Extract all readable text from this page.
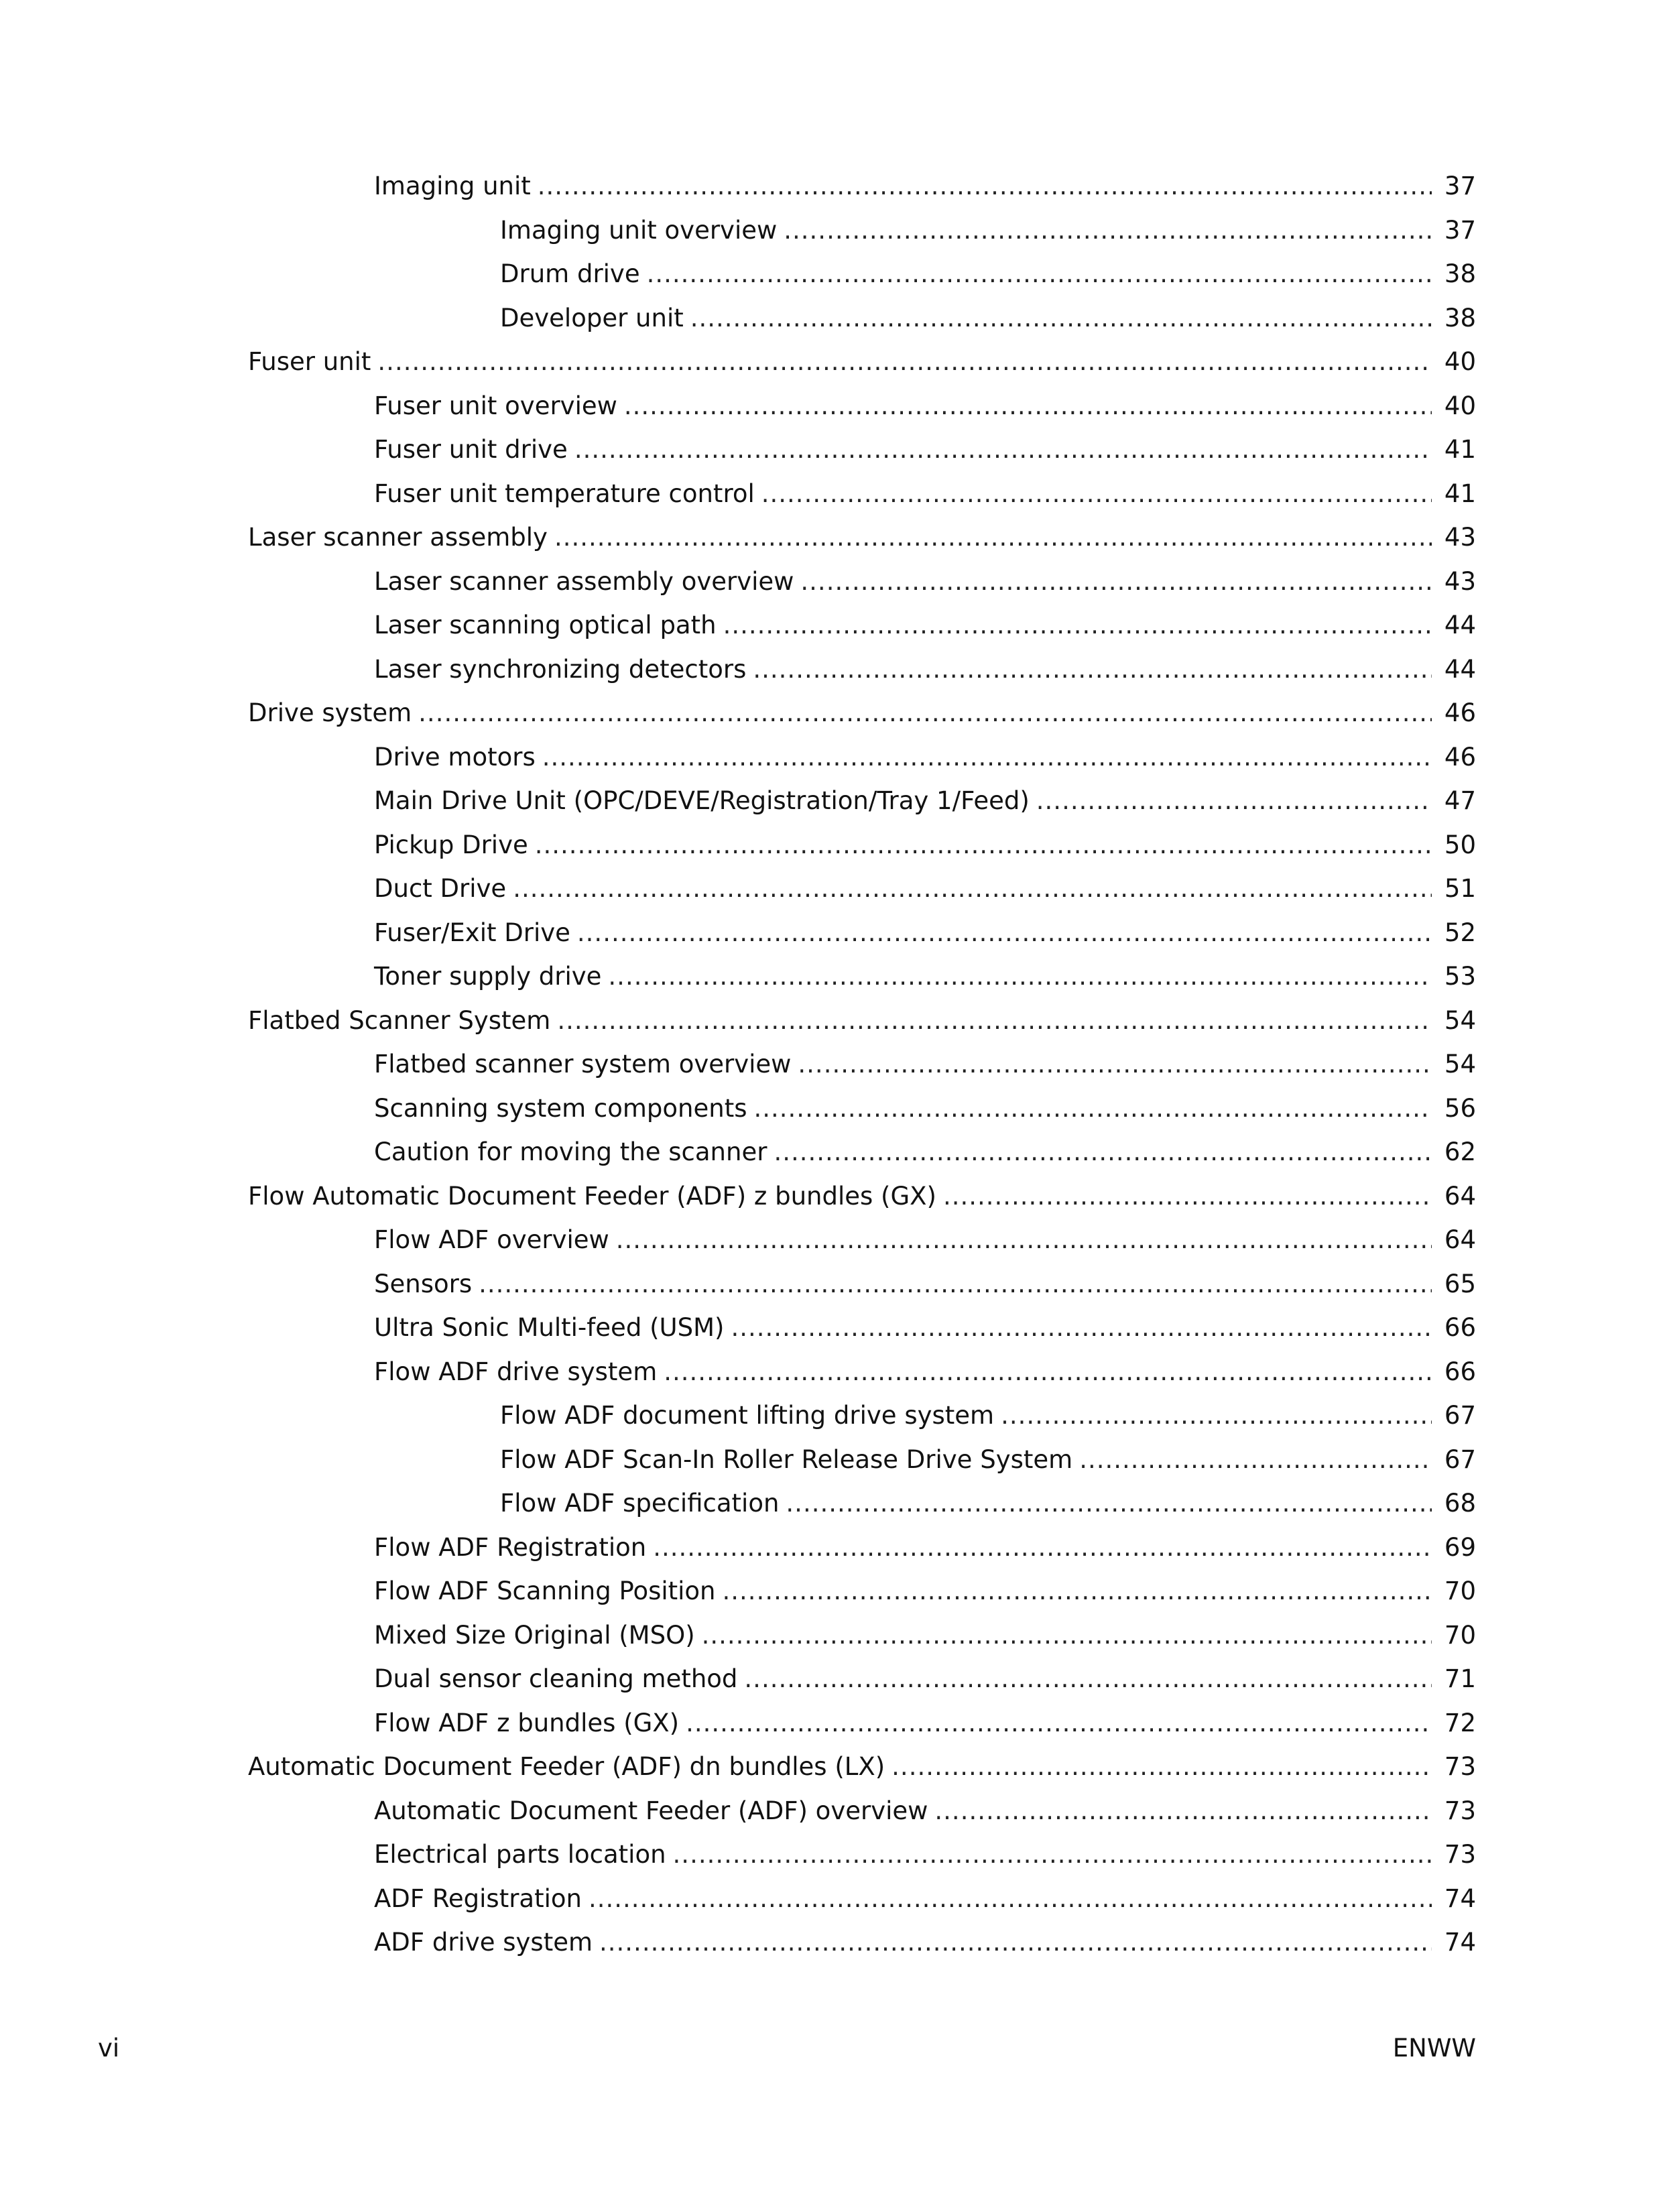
Imaging unit .....	37
Imaging unit overview .....	37
Drum drive .....	38
Developer unit .....	38
Fuser unit .....	40
Fuser unit overview .....	40
Fuser unit drive .....	41
Fuser unit temperature control .....	41
Laser scanner assembly .....	43
Laser scanner assembly overview .....	43
Laser scanning optical path .....	44
Laser synchronizing detectors .....	44
Drive system .....	46
Drive motors .....	46
Main Drive Unit (OPC/DEVE/Registration/Tray 1/Feed) .....	47
Pickup Drive .....	50
Duct Drive .....	51
Fuser/Exit Drive .....	52
Toner supply drive .....	53
Flatbed Scanner System .....	54
Flatbed scanner system overview .....	54
Scanning system components .....	56
Caution for moving the scanner .....	62
Flow Automatic Document Feeder (ADF) z bundles (GX) .....	64
Flow ADF overview .....	64
Sensors .....	65
Ultra Sonic Multi-feed (USM) .....	66
Flow ADF drive system .....	66
Flow ADF document lifting drive system .....	67
Flow ADF Scan-In Roller Release Drive System .....	67
Flow ADF specification .....	68
Flow ADF Registration .....	69
Flow ADF Scanning Position .....	70
Mixed Size Original (MSO) .....	70
Dual sensor cleaning method .....	71
Flow ADF z bundles (GX) .....	72
Automatic Document Feeder (ADF) dn bundles (LX) .....	73
Automatic Document Feeder (ADF) overview .....	73
Electrical parts location .....	73
ADF Registration .....	74
ADF drive system .....	74
vi	ENWW
